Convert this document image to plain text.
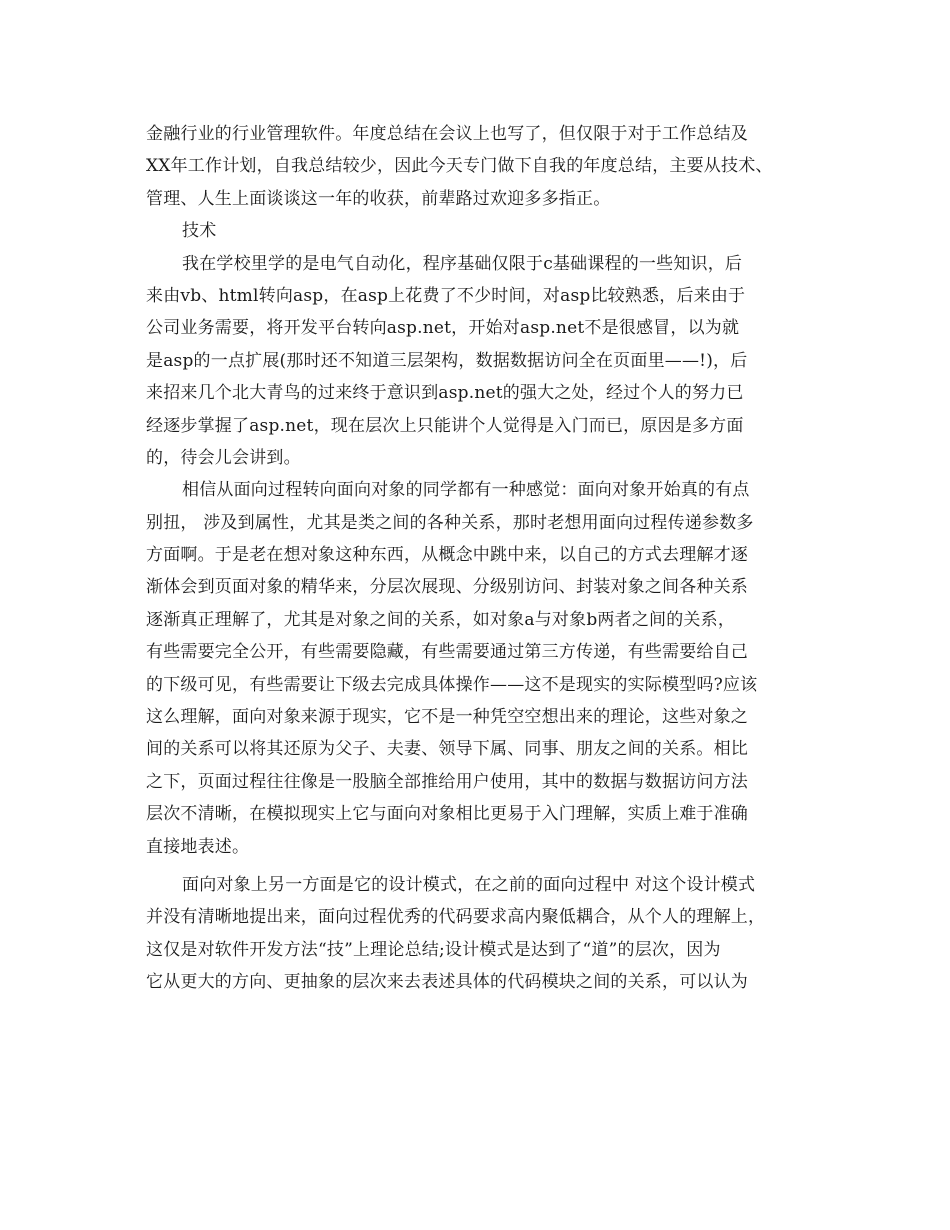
金融行业的行业管理软件。年度总结在会议上也写了，但仅限于对于工作总结及
XX年工作计划，自我总结较少，因此今天专门做下自我的年度总结，主要从技术、
管理、人生上面谈谈这一年的收获，前辈路过欢迎多多指正。
技术
我在学校里学的是电气自动化，程序基础仅限于c基础课程的一些知识，后
来由vb、html转向asp，在asp上花费了不少时间，对asp比较熟悉，后来由于
公司业务需要，将开发平台转向asp.net，开始对asp.net不是很感冒，以为就
是asp的一点扩展(那时还不知道三层架构，数据数据访问全在页面里——!)，后
来招来几个北大青鸟的过来终于意识到asp.net的强大之处，经过个人的努力已
经逐步掌握了asp.net，现在层次上只能讲个人觉得是入门而已，原因是多方面
的，待会儿会讲到。
相信从面向过程转向面向对象的同学都有一种感觉：面向对象开始真的有点
别扭， 涉及到属性，尤其是类之间的各种关系，那时老想用面向过程传递参数多
方面啊。于是老在想对象这种东西，从概念中跳中来，以自己的方式去理解才逐
渐体会到页面对象的精华来，分层次展现、分级别访问、封装对象之间各种关系
逐渐真正理解了，尤其是对象之间的关系，如对象a与对象b两者之间的关系，
有些需要完全公开，有些需要隐藏，有些需要通过第三方传递，有些需要给自己
的下级可见，有些需要让下级去完成具体操作——这不是现实的实际模型吗?应该
这么理解，面向对象来源于现实，它不是一种凭空空想出来的理论，这些对象之
间的关系可以将其还原为父子、夫妻、领导下属、同事、朋友之间的关系。相比
之下，页面过程往往像是一股脑全部推给用户使用，其中的数据与数据访问方法
层次不清晰，在模拟现实上它与面向对象相比更易于入门理解，实质上难于准确
直接地表述。
面向对象上另一方面是它的设计模式，在之前的面向过程中 对这个设计模式
并没有清晰地提出来，面向过程优秀的代码要求高内聚低耦合，从个人的理解上，
这仅是对软件开发方法“技”上理论总结;设计模式是达到了“道”的层次，因为
它从更大的方向、更抽象的层次来去表述具体的代码模块之间的关系，可以认为
